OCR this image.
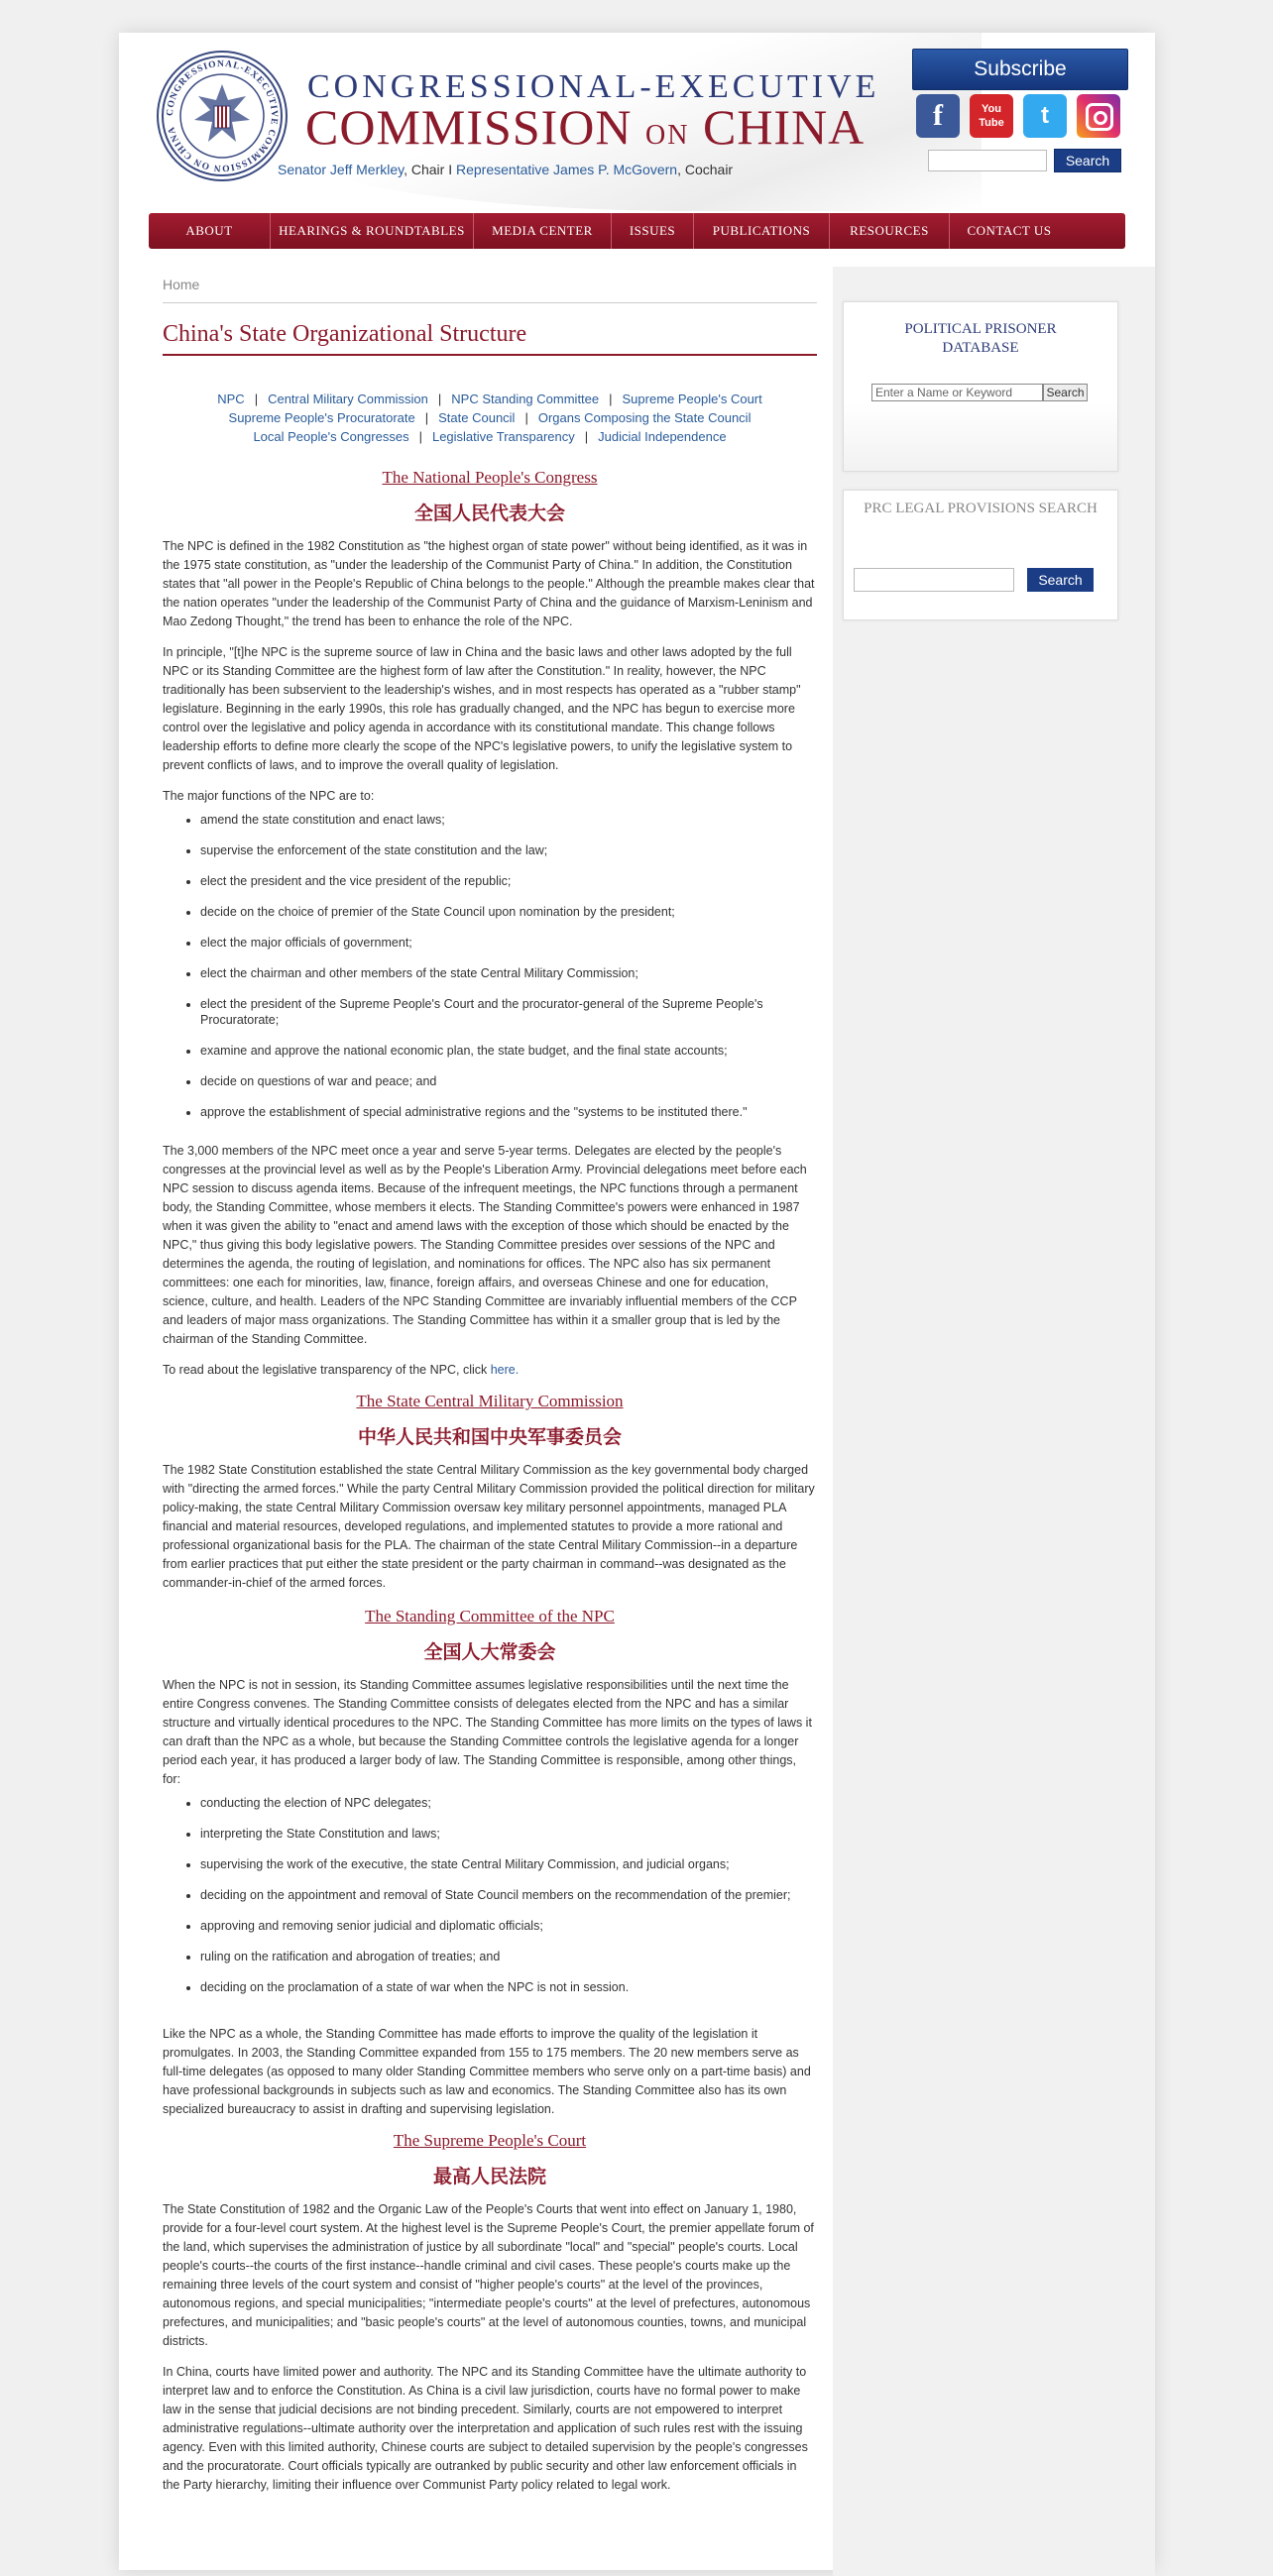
CONGRESSIONAL-EXECUTIVE COMMISSION ON CHINA
CONGRESSIONAL-EXECUTIVE
COMMISSION ON CHINA
Senator Jeff Merkley, Chair I Representative James P. McGovern, Cochair
Subscribe
f	You
Tube	t
Search
ABOUT	HEARINGS & ROUNDTABLES	MEDIA CENTER	ISSUES	PUBLICATIONS	RESOURCES	CONTACT US
Home
China's State Organizational Structure
NPC | Central Military Commission | NPC Standing Committee | Supreme People's Court
Supreme People's Procuratorate | State Council | Organs Composing the State Council
Local People's Congresses | Legislative Transparency | Judicial Independence
The National People's Congress
全国人民代表大会

The NPC is defined in the 1982 Constitution as "the highest organ of state power" without being identified, as it was in the 1975 state constitution, as "under the leadership of the Communist Party of China." In addition, the Constitution states that "all power in the People's Republic of China belongs to the people." Although the preamble makes clear that the nation operates "under the leadership of the Communist Party of China and the guidance of Marxism-Leninism and Mao Zedong Thought," the trend has been to enhance the role of the NPC.

In principle, "[t]he NPC is the supreme source of law in China and the basic laws and other laws adopted by the full NPC or its Standing Committee are the highest form of law after the Constitution." In reality, however, the NPC traditionally has been subservient to the leadership's wishes, and in most respects has operated as a "rubber stamp" legislature. Beginning in the early 1990s, this role has gradually changed, and the NPC has begun to exercise more control over the legislative and policy agenda in accordance with its constitutional mandate. This change follows leadership efforts to define more clearly the scope of the NPC's legislative powers, to unify the legislative system to prevent conflicts of laws, and to improve the overall quality of legislation.

The major functions of the NPC are to:

• amend the state constitution and enact laws;
• supervise the enforcement of the state constitution and the law;
• elect the president and the vice president of the republic;
• decide on the choice of premier of the State Council upon nomination by the president;
• elect the major officials of government;
• elect the chairman and other members of the state Central Military Commission;
• elect the president of the Supreme People's Court and the procurator-general of the Supreme People's Procuratorate;
• examine and approve the national economic plan, the state budget, and the final state accounts;
• decide on questions of war and peace; and
• approve the establishment of special administrative regions and the "systems to be instituted there."

The 3,000 members of the NPC meet once a year and serve 5-year terms. Delegates are elected by the people's congresses at the provincial level as well as by the People's Liberation Army. Provincial delegations meet before each NPC session to discuss agenda items. Because of the infrequent meetings, the NPC functions through a permanent body, the Standing Committee, whose members it elects. The Standing Committee's powers were enhanced in 1987 when it was given the ability to "enact and amend laws with the exception of those which should be enacted by the NPC," thus giving this body legislative powers. The Standing Committee presides over sessions of the NPC and determines the agenda, the routing of legislation, and nominations for offices. The NPC also has six permanent committees: one each for minorities, law, finance, foreign affairs, and overseas Chinese and one for education, science, culture, and health. Leaders of the NPC Standing Committee are invariably influential members of the CCP and leaders of major mass organizations. The Standing Committee has within it a smaller group that is led by the chairman of the Standing Committee.

To read about the legislative transparency of the NPC, click here.

The State Central Military Commission
中华人民共和国中央军事委员会

The 1982 State Constitution established the state Central Military Commission as the key governmental body charged with "directing the armed forces." While the party Central Military Commission provided the political direction for military policy-making, the state Central Military Commission oversaw key military personnel appointments, managed PLA financial and material resources, developed regulations, and implemented statutes to provide a more rational and professional organizational basis for the PLA. The chairman of the state Central Military Commission--in a departure from earlier practices that put either the state president or the party chairman in command--was designated as the commander-in-chief of the armed forces.

The Standing Committee of the NPC
全国人大常委会

When the NPC is not in session, its Standing Committee assumes legislative responsibilities until the next time the entire Congress convenes. The Standing Committee consists of delegates elected from the NPC and has a similar structure and virtually identical procedures to the NPC. The Standing Committee has more limits on the types of laws it can draft than the NPC as a whole, but because the Standing Committee controls the legislative agenda for a longer period each year, it has produced a larger body of law. The Standing Committee is responsible, among other things, for:

• conducting the election of NPC delegates;
• interpreting the State Constitution and laws;
• supervising the work of the executive, the state Central Military Commission, and judicial organs;
• deciding on the appointment and removal of State Council members on the recommendation of the premier;
• approving and removing senior judicial and diplomatic officials;
• ruling on the ratification and abrogation of treaties; and
• deciding on the proclamation of a state of war when the NPC is not in session.

Like the NPC as a whole, the Standing Committee has made efforts to improve the quality of the legislation it promulgates. In 2003, the Standing Committee expanded from 155 to 175 members. The 20 new members serve as full-time delegates (as opposed to many older Standing Committee members who serve only on a part-time basis) and have professional backgrounds in subjects such as law and economics. The Standing Committee also has its own specialized bureaucracy to assist in drafting and supervising legislation.

The Supreme People's Court
最高人民法院

The State Constitution of 1982 and the Organic Law of the People's Courts that went into effect on January 1, 1980, provide for a four-level court system. At the highest level is the Supreme People's Court, the premier appellate forum of the land, which supervises the administration of justice by all subordinate "local" and "special" people's courts. Local people's courts--the courts of the first instance--handle criminal and civil cases. These people's courts make up the remaining three levels of the court system and consist of "higher people's courts" at the level of the provinces, autonomous regions, and special municipalities; "intermediate people's courts" at the level of prefectures, autonomous prefectures, and municipalities; and "basic people's courts" at the level of autonomous counties, towns, and municipal districts.

In China, courts have limited power and authority. The NPC and its Standing Committee have the ultimate authority to interpret law and to enforce the Constitution. As China is a civil law jurisdiction, courts have no formal power to make law in the sense that judicial decisions are not binding precedent. Similarly, courts are not empowered to interpret administrative regulations--ultimate authority over the interpretation and application of such rules rest with the issuing agency. Even with this limited authority, Chinese courts are subject to detailed supervision by the people's congresses and the procuratorate. Court officials typically are outranked by public security and other law enforcement officials in the Party hierarchy, limiting their influence over Communist Party policy related to legal work.

POLITICAL PRISONER
DATABASE
Enter a Name or Keyword	Search
PRC LEGAL PROVISIONS SEARCH
Search
